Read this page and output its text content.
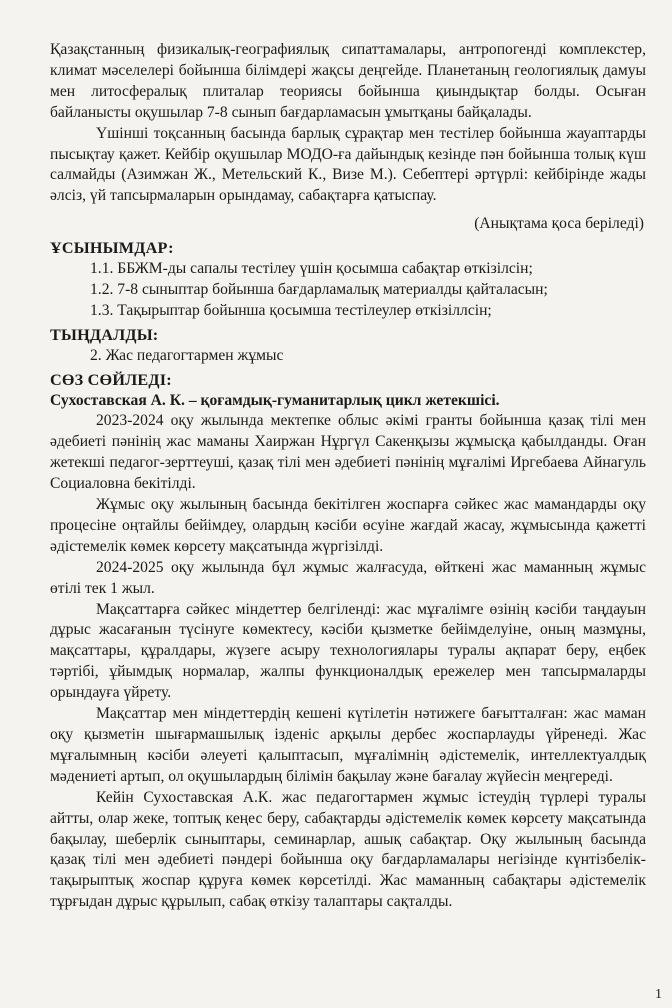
Қазақстанның физикалық-географиялық сипаттамалары, антропогенді комплекстер, климат мәселелері бойынша білімдері жақсы деңгейде. Планетаның геологиялық дамуы мен литосфералық плиталар теориясы бойынша қиындықтар болды. Осыған байланысты оқушылар 7-8 сынып бағдарламасын ұмытқаны байқалады.

Үшінші тоқсанның басында барлық сұрақтар мен тестілер бойынша жауаптарды пысықтау қажет. Кейбір оқушылар МОДО-ға дайындық кезінде пән бойынша толық күш салмайды (Азимжан Ж., Метельский К., Визе М.). Себептері әртүрлі: кейбірінде жады әлсіз, үй тапсырмаларын орындамау, сабақтарға қатыспау.

(Анықтама қоса беріледі)

ҰСЫНЫМДАР:

1.1. ББЖМ-ды сапалы тестілеу үшін қосымша сабақтар өткізілсін;

1.2. 7-8 сыныптар бойынша бағдарламалық материалды қайталасын;

1.3. Тақырыптар бойынша қосымша тестілеулер өткізіллсін;

ТЫҢДАЛДЫ:

2. Жас педагогтармен жұмыс

СӨЗ СӨЙЛЕДІ:

Сухоставская А. К. – қоғамдық-гуманитарлық цикл жетекшісі.

2023-2024 оқу жылында мектепке облыс әкімі гранты бойынша қазақ тілі мен әдебиеті пәнінің жас маманы Хаиржан Нұргүл Сакенқызы жұмысқа қабылданды. Оған жетекші педагог-зерттеуші, қазақ тілі мен әдебиеті пәнінің мұғалімі Иргебаева Айнагуль Социаловна бекітілді.

Жұмыс оқу жылының басында бекітілген жоспарға сәйкес жас мамандарды оқу процесіне оңтайлы бейімдеу, олардың кәсіби өсуіне жағдай жасау, жұмысында қажетті әдістемелік көмек көрсету мақсатында жүргізілді.

2024-2025 оқу жылында бұл жұмыс жалғасуда, өйткені жас маманның жұмыс өтілі тек 1 жыл.

Мақсаттарға сәйкес міндеттер белгіленді: жас мұғалімге өзінің кәсіби таңдауын дұрыс жасағанын түсінуге көмектесу, кәсіби қызметке бейімделуіне, оның мазмұны, мақсаттары, құралдары, жүзеге асыру технологиялары туралы ақпарат беру, еңбек тәртібі, ұйымдық нормалар, жалпы функционалдық ережелер мен тапсырмаларды орындауға үйрету.

Мақсаттар мен міндеттердің кешені күтілетін нәтижеге бағытталған: жас маман оқу қызметін шығармашылық ізденіс арқылы дербес жоспарлауды үйренеді. Жас мұғалымның кәсіби әлеуеті қалыптасып, мұғалімнің әдістемелік, интеллектуалдық мәдениеті артып, ол оқушылардың білімін бақылау және бағалау жүйесін меңгереді.

Кейін Сухоставская А.К. жас педагогтармен жұмыс істеудің түрлері туралы айтты, олар жеке, топтық кеңес беру, сабақтарды әдістемелік көмек көрсету мақсатында бақылау, шеберлік сыныптары, семинарлар, ашық сабақтар. Оқу жылының басында қазақ тілі мен әдебиеті пәндері бойынша оқу бағдарламалары негізінде күнтізбелік-тақырыптық жоспар құруға көмек көрсетілді. Жас маманның сабақтары әдістемелік тұрғыдан дұрыс құрылып, сабақ өткізу талаптары сақталды.

1
